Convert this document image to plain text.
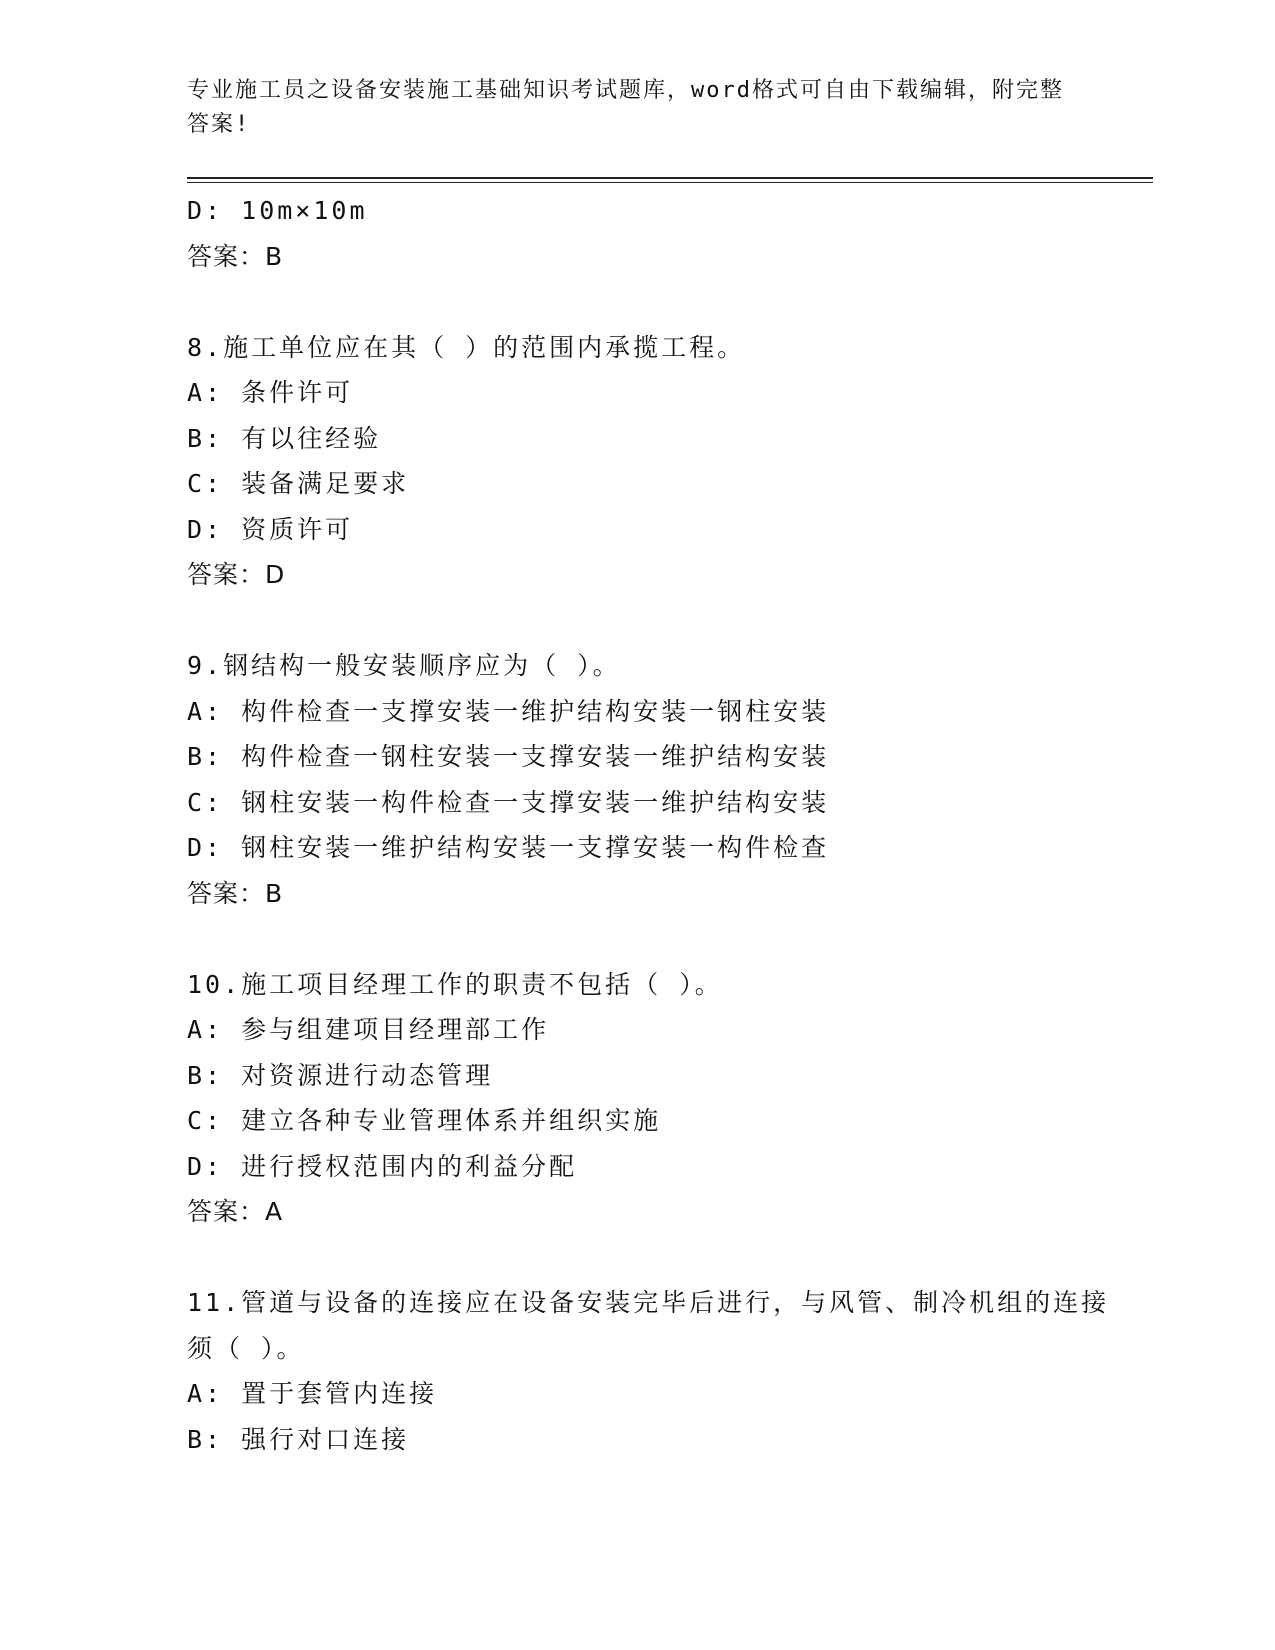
专业施工员之设备安装施工基础知识考试题库，word格式可自由下载编辑，附完整答案!
D: 10m×10m
答案：B
8.施工单位应在其（ ）的范围内承揽工程。
A: 条件许可
B: 有以往经验
C: 装备满足要求
D: 资质许可
答案：D
9.钢结构一般安装顺序应为（ ）。
A: 构件检查一支撑安装一维护结构安装一钢柱安装
B: 构件检查一钢柱安装一支撑安装一维护结构安装
C: 钢柱安装一构件检查一支撑安装一维护结构安装
D: 钢柱安装一维护结构安装一支撑安装一构件检查
答案：B
10.施工项目经理工作的职责不包括（ ）。
A: 参与组建项目经理部工作
B: 对资源进行动态管理
C: 建立各种专业管理体系并组织实施
D: 进行授权范围内的利益分配
答案：A
11.管道与设备的连接应在设备安装完毕后进行，与风管、制冷机组的连接须（ ）。
A: 置于套管内连接
B: 强行对口连接
